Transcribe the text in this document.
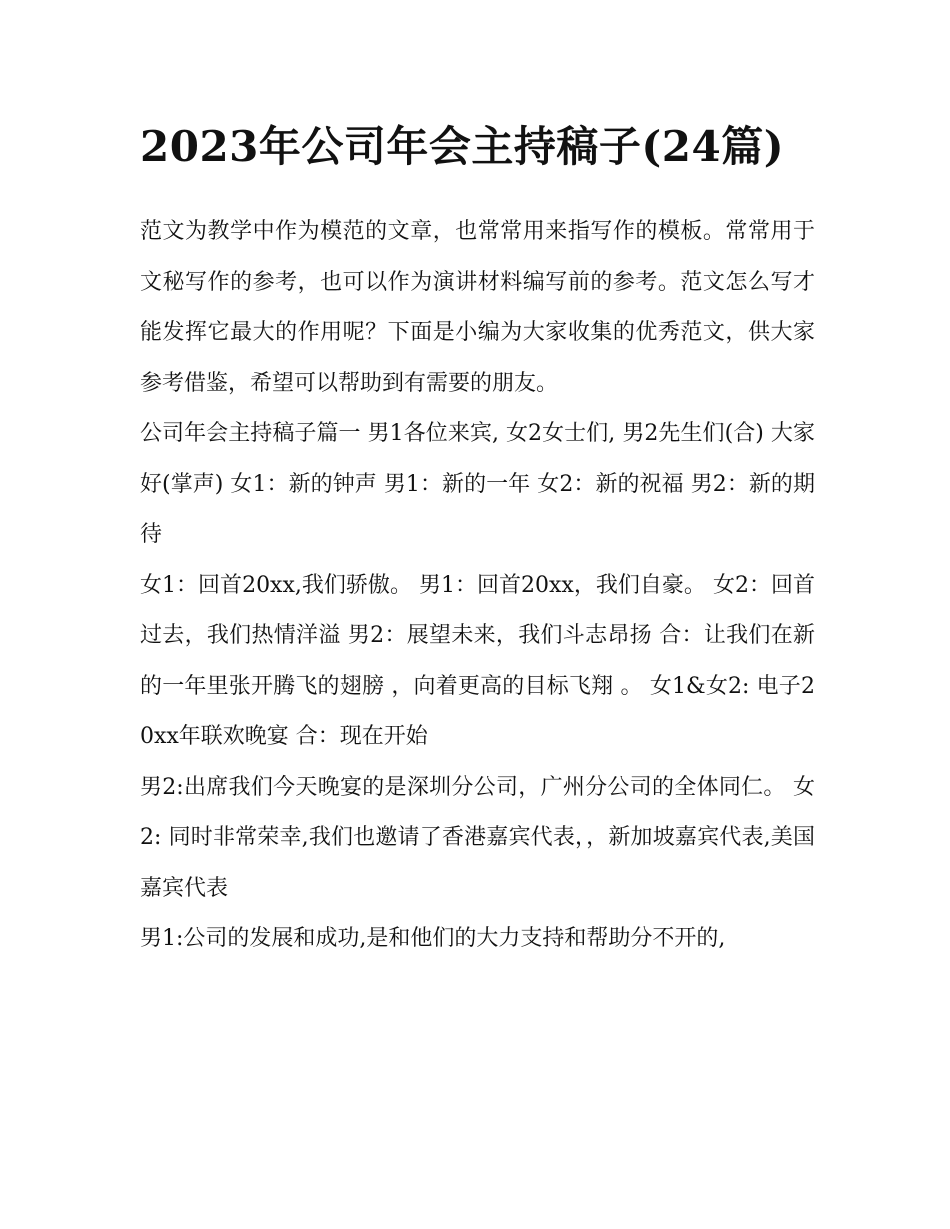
2023年公司年会主持稿子(24篇)

范文为教学中作为模范的文章，也常常用来指写作的模板。常常用于文秘写作的参考，也可以作为演讲材料编写前的参考。范文怎么写才能发挥它最大的作用呢？下面是小编为大家收集的优秀范文，供大家参考借鉴，希望可以帮助到有需要的朋友。

公司年会主持稿子篇一 男1各位来宾, 女2女士们, 男2先生们(合) 大家好(掌声) 女1：新的钟声 男1：新的一年 女2：新的祝福 男2：新的期待

女1：回首20xx,我们骄傲。 男1：回首20xx，我们自豪。 女2：回首过去，我们热情洋溢 男2：展望未来，我们斗志昂扬 合：让我们在新的一年里张开腾飞的翅膀 ，向着更高的目标飞翔 。 女1&女2: 电子20xx年联欢晚宴 合：现在开始

男2:出席我们今天晚宴的是深圳分公司，广州分公司的全体同仁。 女2: 同时非常荣幸,我们也邀请了香港嘉宾代表，，新加坡嘉宾代表,美国嘉宾代表

男1:公司的发展和成功,是和他们的大力支持和帮助分不开的,
